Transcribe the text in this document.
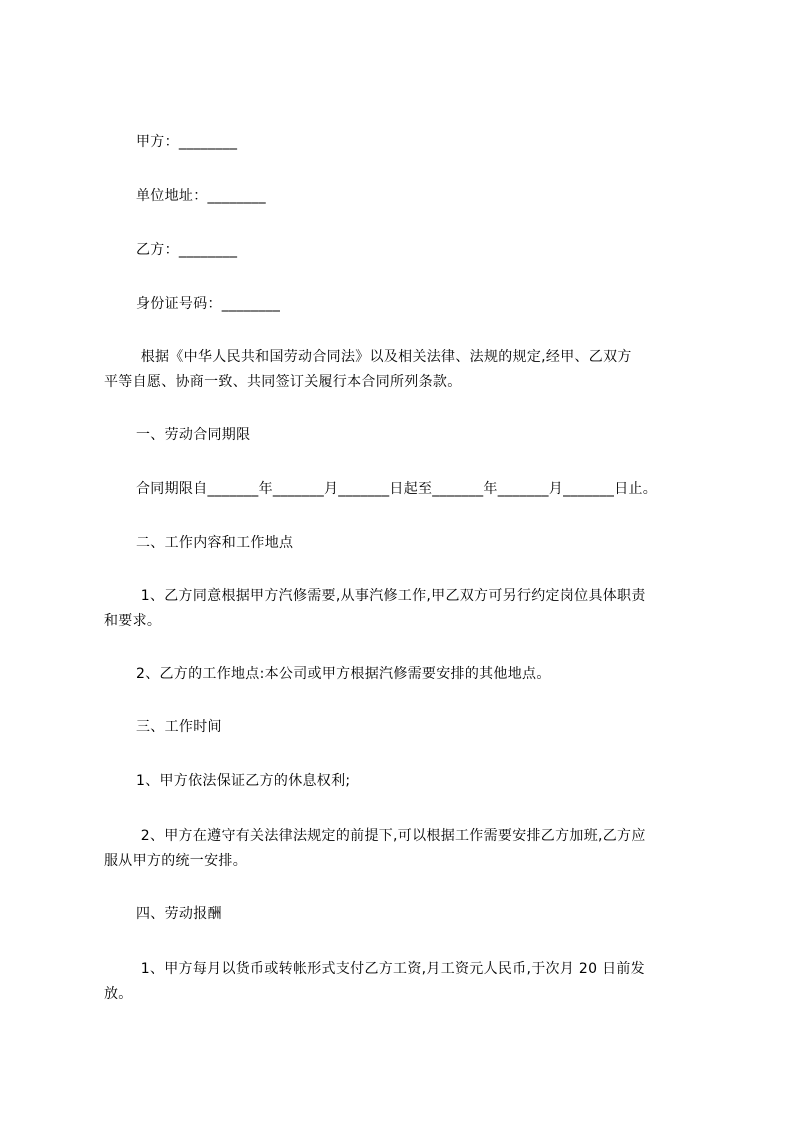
甲方：________
单位地址：________
乙方：________
身份证号码：________
根据《中华人民共和国劳动合同法》以及相关法律、法规的规定,经甲、乙双方
平等自愿、协商一致、共同签订关履行本合同所列条款。
一、劳动合同期限
合同期限自_______年_______月_______日起至_______年_______月_______日止。
二、工作内容和工作地点
1、乙方同意根据甲方汽修需要,从事汽修工作,甲乙双方可另行约定岗位具体职责
和要求。
2、乙方的工作地点:本公司或甲方根据汽修需要安排的其他地点。
三、工作时间
1、甲方依法保证乙方的休息权利;
2、甲方在遵守有关法律法规定的前提下,可以根据工作需要安排乙方加班,乙方应
服从甲方的统一安排。
四、劳动报酬
1、甲方每月以货币或转帐形式支付乙方工资,月工资元人民币,于次月 20 日前发
放。
